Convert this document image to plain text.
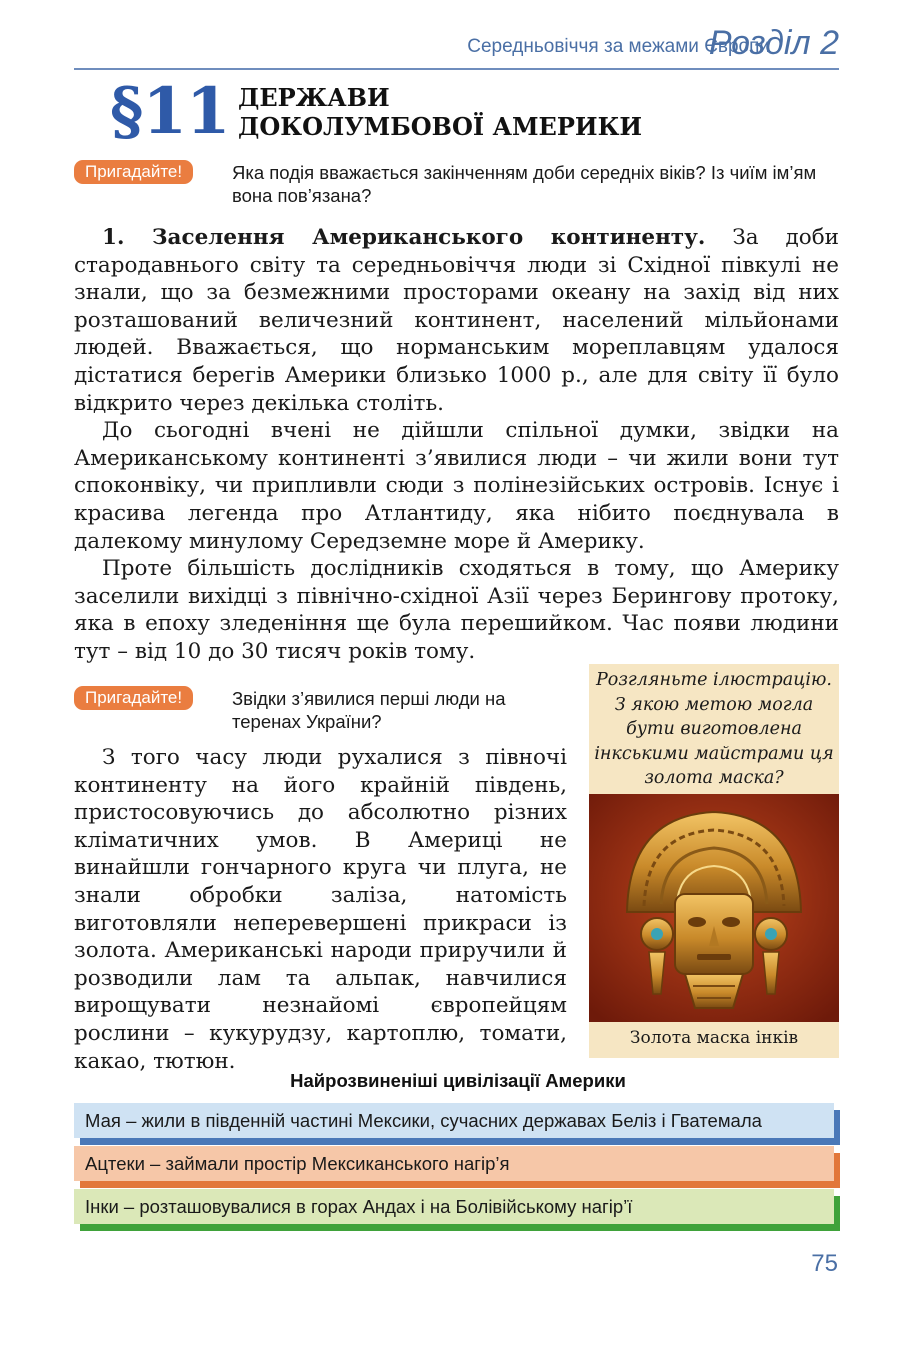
Середньовіччя за межами Європи
Розділ 2
§11 ДЕРЖАВИ
ДОКОЛУМБОВОЇ АМЕРИКИ
Пригадайте!	Яка подія вважається закінченням доби середніх віків? Із чиїм ім’ям вона пов’язана?

1. Заселення Американського континенту. За доби стародавнього світу та середньовіччя люди зі Східної півкулі не знали, що за безмежними просторами океану на захід від них розташований величезний континент, населений мільйонами людей. Вважається, що норманським мореплавцям удалося дістатися берегів Америки близько 1000 р., але для світу її було відкрито через декілька століть.

До сьогодні вчені не дійшли спільної думки, звідки на Американському континенті з’явилися люди – чи жили вони тут споконвіку, чи припливли сюди з полінезійських островів. Існує і красива легенда про Атлантиду, яка нібито поєднувала в далекому минулому Середземне море й Америку.

Проте більшість дослідників сходяться в тому, що Америку заселили вихідці з північно-східної Азії через Берингову протоку, яка в епоху зледеніння ще була перешийком. Час появи людини тут – від 10 до 30 тисяч років тому.

Пригадайте!	Звідки з’явилися перші люди на теренах України?

З того часу люди рухалися з півночі континенту на його крайній південь, пристосовуючись до абсолютно різних кліматичних умов. В Америці не винайшли гончарного круга чи плуга, не знали обробки заліза, натомість виготовляли неперевершені прикраси із золота. Американські народи приручили й розводили лам та альпак, навчилися вирощувати незнайомі європейцям рослини – кукурудзу, картоплю, томати, какао, тютюн.

Розгляньте ілюстрацію. З якою метою могла бути виготовлена інкськими майстрами ця золота маска?
Золота маска інків
Найрозвиненіші цивілізації Америки
Мая – жили в південній частині Мексики, сучасних державах Беліз і Гватемала
Ацтеки – займали простір Мексиканського нагір’я
Інки – розташовувалися в горах Андах і на Болівійському нагір’ї
75
